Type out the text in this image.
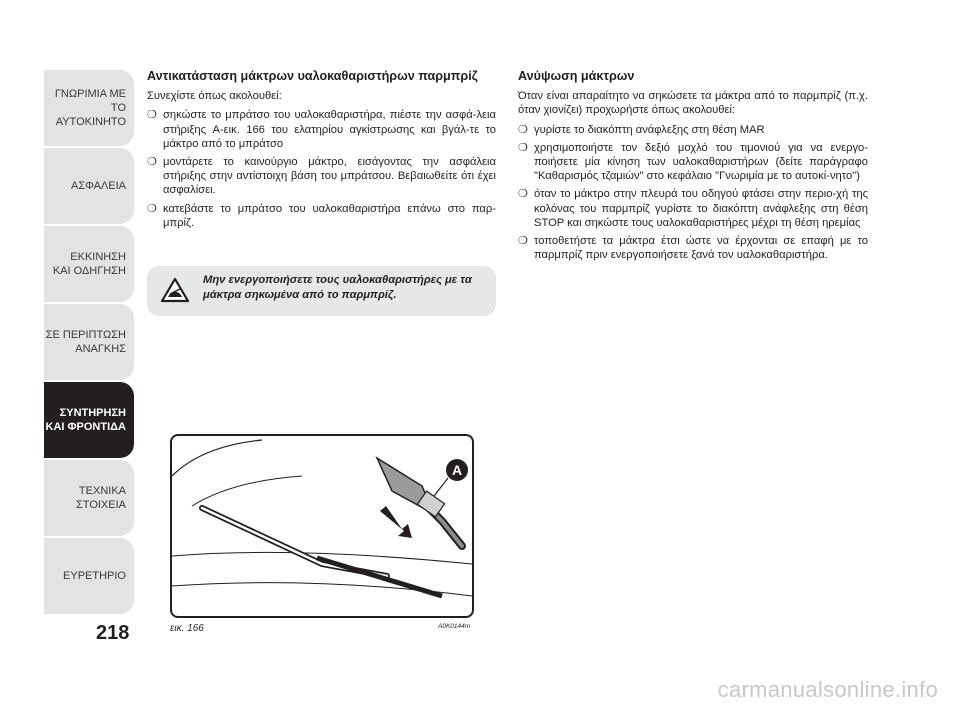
ΓΝΩΡΙΜΙΑ ΜΕ ΤΟ
ΑΥΤΟΚΙΝΗΤΟ
ΑΣΦΑΛΕΙΑ
ΕΚΚΙΝΗΣΗ
ΚΑΙ ΟΔΗΓΗΣΗ
ΣΕ ΠΕΡΙΠΤΩΣΗ
ΑΝΑΓΚΗΣ
ΣΥΝΤΗΡΗΣΗ
ΚΑΙ ΦΡΟΝΤΙΔΑ
ΤΕΧΝΙΚΑ
ΣΤΟΙΧΕΙΑ
ΕΥΡΕΤΗΡΙΟ
218
Αντικατάσταση μάκτρων υαλοκαθαριστήρων παρμπρίζ

Συνεχίστε όπως ακολουθεί:

❍ σηκώστε το μπράτσο του υαλοκαθαριστήρα, πιέστε την ασφά-λεια στήριξης A-εικ. 166 του ελατηρίου αγκίστρωσης και βγάλ-τε το μάκτρο από το μπράτσο
❍ μοντάρετε το καινούργιο μάκτρο, εισάγοντας την ασφάλεια στήριξης στην αντίστοιχη βάση του μπράτσου. Βεβαιωθείτε ότι έχει ασφαλίσει.
❍ κατεβάστε το μπράτσο του υαλοκαθαριστήρα επάνω στο παρ-μπρίζ.
Μην ενεργοποιήσετε τους υαλοκαθαριστήρες με τα μάκτρα σηκωμένα από το παρμπρίζ.
Ανύψωση μάκτρων

Όταν είναι απαραίτητο να σηκώσετε τα μάκτρα από το παρμπρίζ (π.χ. όταν χιονίζει) προχωρήστε όπως ακολουθεί:

❍ γυρίστε το διακόπτη ανάφλεξης στη θέση MAR
❍ χρησιμοποιήστε τον δεξιό μοχλό του τιμονιού για να ενεργο-ποιήσετε μία κίνηση των υαλοκαθαριστήρων (δείτε παράγραφο "Καθαρισμός τζαμιών" στο κεφάλαιο "Γνωριμία με το αυτοκί-νητο")
❍ όταν το μάκτρο στην πλευρά του οδηγού φτάσει στην περιο-χή της κολόνας του παρμπρίζ γυρίστε το διακόπτη ανάφλεξης στη θέση STOP και σηκώστε τους υαλοκαθαριστήρες μέχρι τη θέση ηρεμίας
❍ τοποθετήστε τα μάκτρα έτσι ώστε να έρχονται σε επαφή με το παρμπρίζ πριν ενεργοποιήσετε ξανά τον υαλοκαθαριστήρα.
A
εικ. 166	A0K0144m
carmanualsonline.info
